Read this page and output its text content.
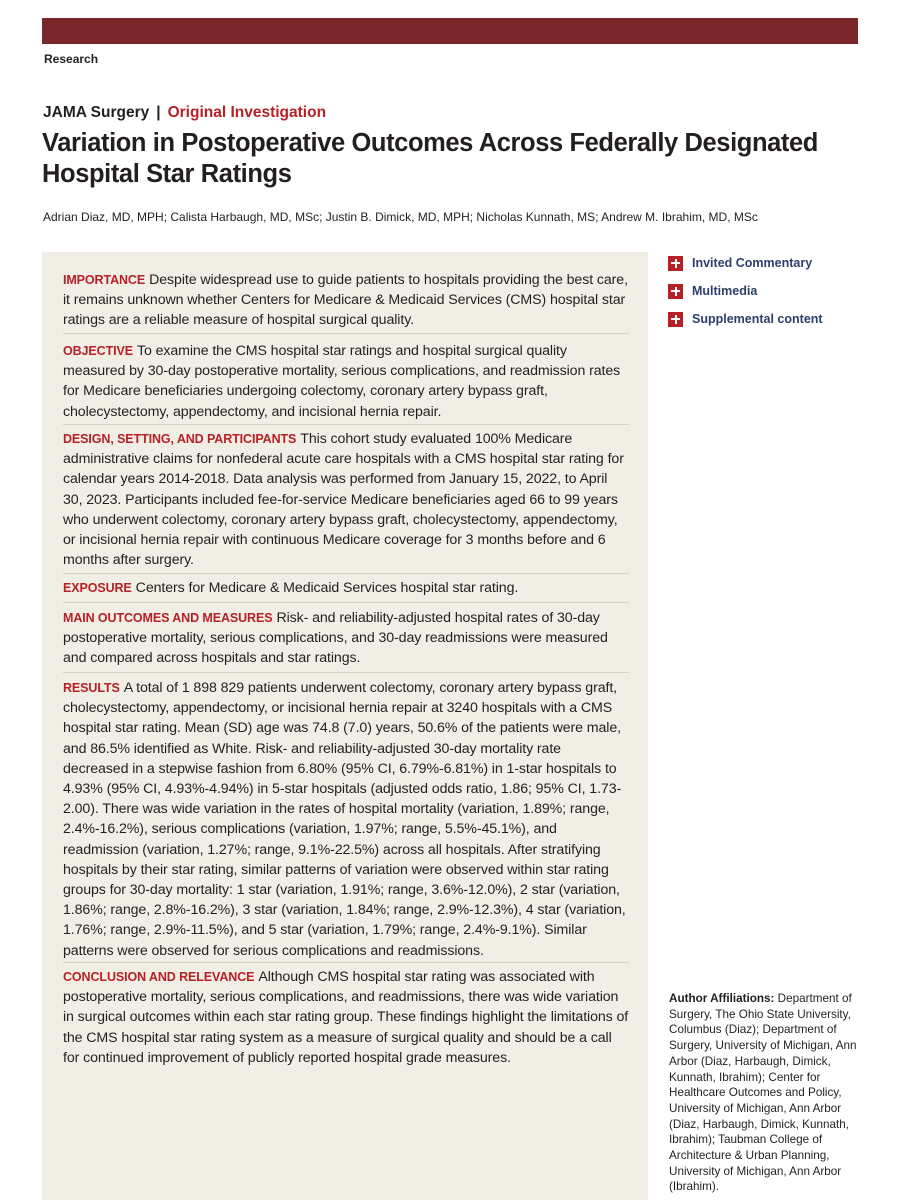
Research
JAMA Surgery | Original Investigation
Variation in Postoperative Outcomes Across Federally Designated Hospital Star Ratings
Adrian Diaz, MD, MPH; Calista Harbaugh, MD, MSc; Justin B. Dimick, MD, MPH; Nicholas Kunnath, MS; Andrew M. Ibrahim, MD, MSc
Invited Commentary
Multimedia
Supplemental content
IMPORTANCE Despite widespread use to guide patients to hospitals providing the best care, it remains unknown whether Centers for Medicare & Medicaid Services (CMS) hospital star ratings are a reliable measure of hospital surgical quality.
OBJECTIVE To examine the CMS hospital star ratings and hospital surgical quality measured by 30-day postoperative mortality, serious complications, and readmission rates for Medicare beneficiaries undergoing colectomy, coronary artery bypass graft, cholecystectomy, appendectomy, and incisional hernia repair.
DESIGN, SETTING, AND PARTICIPANTS This cohort study evaluated 100% Medicare administrative claims for nonfederal acute care hospitals with a CMS hospital star rating for calendar years 2014-2018. Data analysis was performed from January 15, 2022, to April 30, 2023. Participants included fee-for-service Medicare beneficiaries aged 66 to 99 years who underwent colectomy, coronary artery bypass graft, cholecystectomy, appendectomy, or incisional hernia repair with continuous Medicare coverage for 3 months before and 6 months after surgery.
EXPOSURE Centers for Medicare & Medicaid Services hospital star rating.
MAIN OUTCOMES AND MEASURES Risk- and reliability-adjusted hospital rates of 30-day postoperative mortality, serious complications, and 30-day readmissions were measured and compared across hospitals and star ratings.
RESULTS A total of 1 898 829 patients underwent colectomy, coronary artery bypass graft, cholecystectomy, appendectomy, or incisional hernia repair at 3240 hospitals with a CMS hospital star rating. Mean (SD) age was 74.8 (7.0) years, 50.6% of the patients were male, and 86.5% identified as White. Risk- and reliability-adjusted 30-day mortality rate decreased in a stepwise fashion from 6.80% (95% CI, 6.79%-6.81%) in 1-star hospitals to 4.93% (95% CI, 4.93%-4.94%) in 5-star hospitals (adjusted odds ratio, 1.86; 95% CI, 1.73-2.00). There was wide variation in the rates of hospital mortality (variation, 1.89%; range, 2.4%-16.2%), serious complications (variation, 1.97%; range, 5.5%-45.1%), and readmission (variation, 1.27%; range, 9.1%-22.5%) across all hospitals. After stratifying hospitals by their star rating, similar patterns of variation were observed within star rating groups for 30-day mortality: 1 star (variation, 1.91%; range, 3.6%-12.0%), 2 star (variation, 1.86%; range, 2.8%-16.2%), 3 star (variation, 1.84%; range, 2.9%-12.3%), 4 star (variation, 1.76%; range, 2.9%-11.5%), and 5 star (variation, 1.79%; range, 2.4%-9.1%). Similar patterns were observed for serious complications and readmissions.
CONCLUSION AND RELEVANCE Although CMS hospital star rating was associated with postoperative mortality, serious complications, and readmissions, there was wide variation in surgical outcomes within each star rating group. These findings highlight the limitations of the CMS hospital star rating system as a measure of surgical quality and should be a call for continued improvement of publicly reported hospital grade measures.
Author Affiliations: Department of Surgery, The Ohio State University, Columbus (Diaz); Department of Surgery, University of Michigan, Ann Arbor (Diaz, Harbaugh, Dimick, Kunnath, Ibrahim); Center for Healthcare Outcomes and Policy, University of Michigan, Ann Arbor (Diaz, Harbaugh, Dimick, Kunnath, Ibrahim); Taubman College of Architecture & Urban Planning, University of Michigan, Ann Arbor (Ibrahim).
